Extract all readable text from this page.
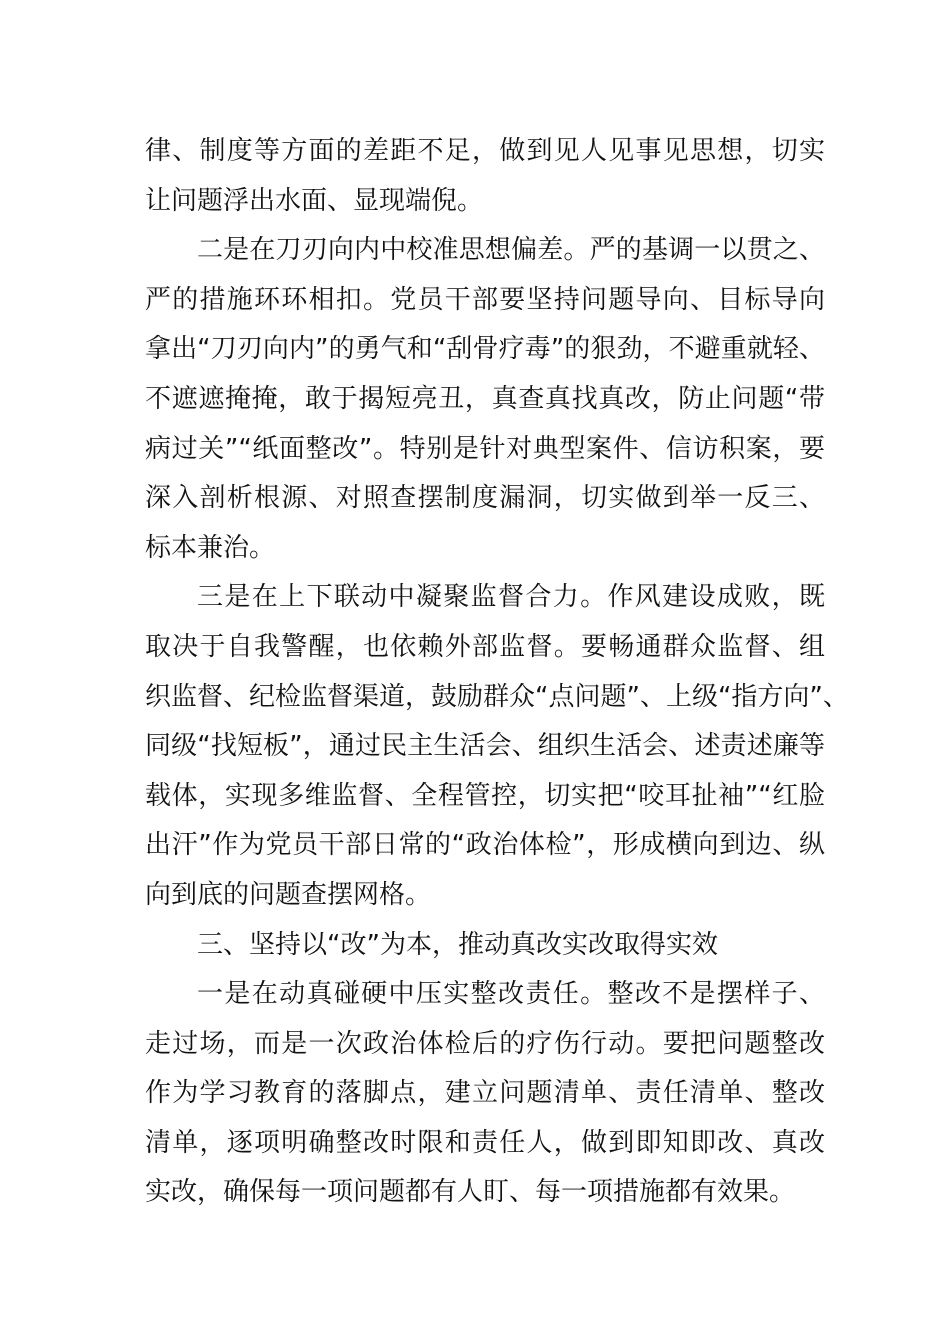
律、制度等方面的差距不足，做到见人见事见思想，切实
让问题浮出水面、显现端倪。
二是在刀刃向内中校准思想偏差。严的基调一以贯之、
严的措施环环相扣。党员干部要坚持问题导向、目标导向
拿出“刀刃向内”的勇气和“刮骨疗毒”的狠劲，不避重就轻、
不遮遮掩掩，敢于揭短亮丑，真查真找真改，防止问题“带
病过关”“纸面整改”。特别是针对典型案件、信访积案，要
深入剖析根源、对照查摆制度漏洞，切实做到举一反三、
标本兼治。
三是在上下联动中凝聚监督合力。作风建设成败，既
取决于自我警醒，也依赖外部监督。要畅通群众监督、组
织监督、纪检监督渠道，鼓励群众“点问题”、上级“指方向”、
同级“找短板”，通过民主生活会、组织生活会、述责述廉等
载体，实现多维监督、全程管控，切实把“咬耳扯袖”“红脸
出汗”作为党员干部日常的“政治体检”，形成横向到边、纵
向到底的问题查摆网格。
三、坚持以“改”为本，推动真改实改取得实效
一是在动真碰硬中压实整改责任。整改不是摆样子、
走过场，而是一次政治体检后的疗伤行动。要把问题整改
作为学习教育的落脚点，建立问题清单、责任清单、整改
清单，逐项明确整改时限和责任人，做到即知即改、真改
实改，确保每一项问题都有人盯、每一项措施都有效果。
